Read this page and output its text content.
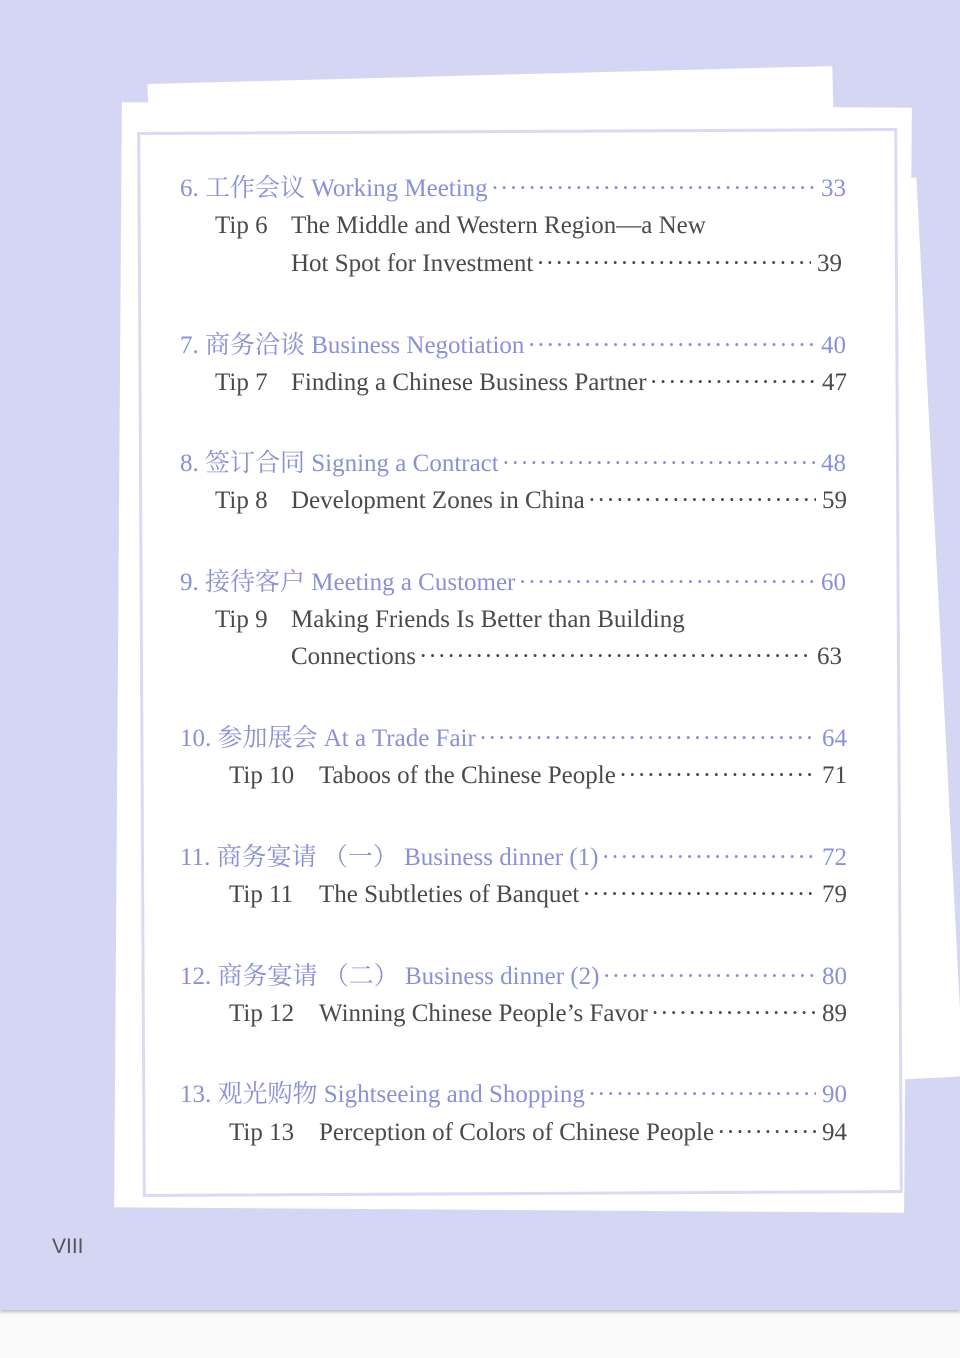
6. 工作会议 Working Meeting ·····	33
Tip 6 The Middle and Western Region—a New
Hot Spot for Investment ·····	39
7. 商务洽谈 Business Negotiation ·····	40
Tip 7 Finding a Chinese Business Partner ·····	47
8. 签订合同 Signing a Contract ·····	48
Tip 8 Development Zones in China ·····	59
9. 接待客户 Meeting a Customer ·····	60
Tip 9 Making Friends Is Better than Building
Connections ·····	63
10. 参加展会 At a Trade Fair ·····	64
Tip 10 Taboos of the Chinese People ·····	71
11. 商务宴请 （一） Business dinner (1) ·····	72
Tip 11	The Subtleties of Banquet ·····	79
12. 商务宴请 （二） Business dinner (2) ·····	80
Tip 12 Winning Chinese People’s Favor ·····	89
13. 观光购物 Sightseeing and Shopping ·····	90
Tip 13 Perception of Colors of Chinese People ·····	94
VIII
